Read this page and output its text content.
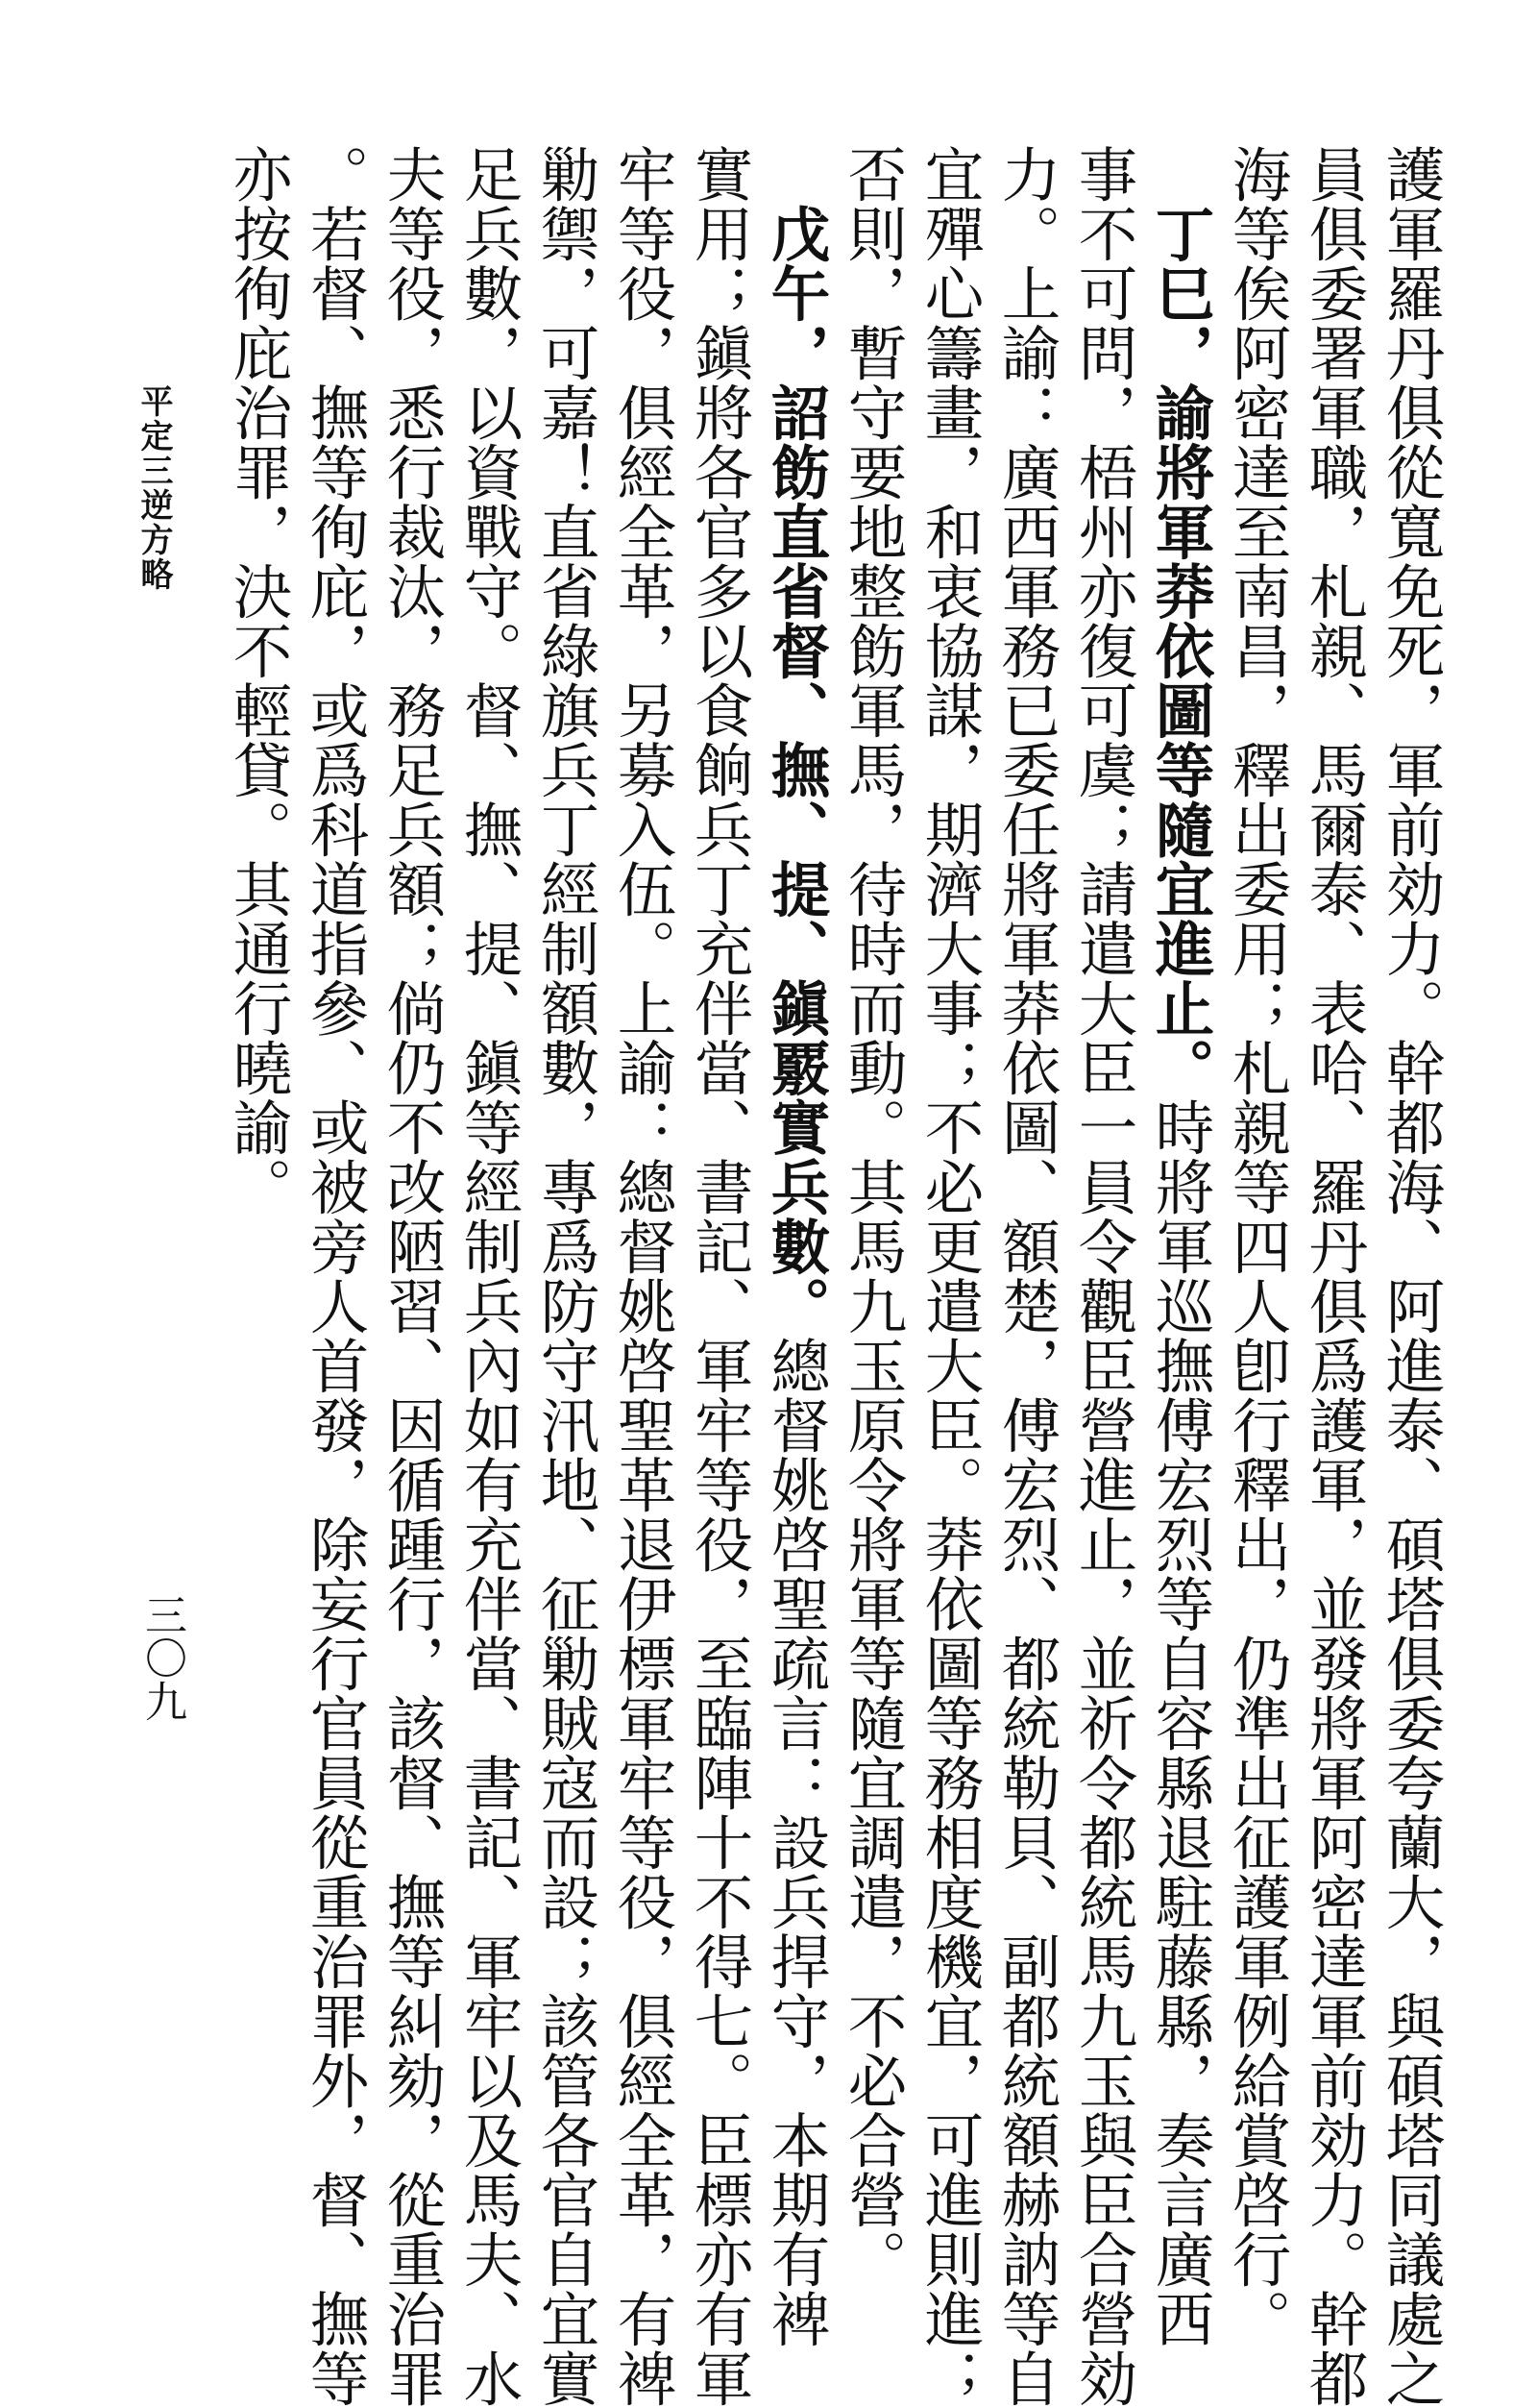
護軍羅丹俱從寬免死，軍前効力。幹都海、阿進泰、碩塔俱委夸蘭大，與碩塔同議處之
員俱委署軍職，札親、馬爾泰、表哈、羅丹俱爲護軍，並發將軍阿密達軍前効力。幹都
海等俟阿密達至南昌，釋出委用；札親等四人卽行釋出，仍準出征護軍例給賞啓行。
丁巳，諭將軍莽依圖等隨宜進止。時將軍巡撫傅宏烈等自容縣退駐藤縣，奏言廣西
事不可問，梧州亦復可虞；請遣大臣一員令觀臣營進止，並祈令都統馬九玉與臣合營効
力。上諭：廣西軍務已委任將軍莽依圖、額楚，傅宏烈、都統勒貝、副都統額赫訥等自
宜殫心籌畫，和衷協謀，期濟大事；不必更遣大臣。莽依圖等務相度機宜，可進則進；
否則，暫守要地整飭軍馬，待時而動。其馬九玉原令將軍等隨宜調遣，不必合營。
戊午，詔飭直省督、撫、提、鎭覈實兵數。總督姚啓聖疏言：設兵捍守，本期有裨
實用；鎭將各官多以食餉兵丁充伴當、書記、軍牢等役，至臨陣十不得七。臣標亦有軍
牢等役，俱經全革，另募入伍。上諭：總督姚啓聖革退伊標軍牢等役，俱經全革，有裨
勦禦，可嘉！直省綠旗兵丁經制額數，專爲防守汛地、征勦賊寇而設；該管各官自宜實
足兵數，以資戰守。督、撫、提、鎭等經制兵內如有充伴當、書記、軍牢以及馬夫、水
夫等役，悉行裁汰，務足兵額；倘仍不改陋習、因循踵行，該督、撫等糾劾，從重治罪
。若督、撫等徇庇，或爲科道指參、或被旁人首發，除妄行官員從重治罪外，督、撫等
亦按徇庇治罪，決不輕貸。其通行曉諭。
平定三逆方略
三〇九
